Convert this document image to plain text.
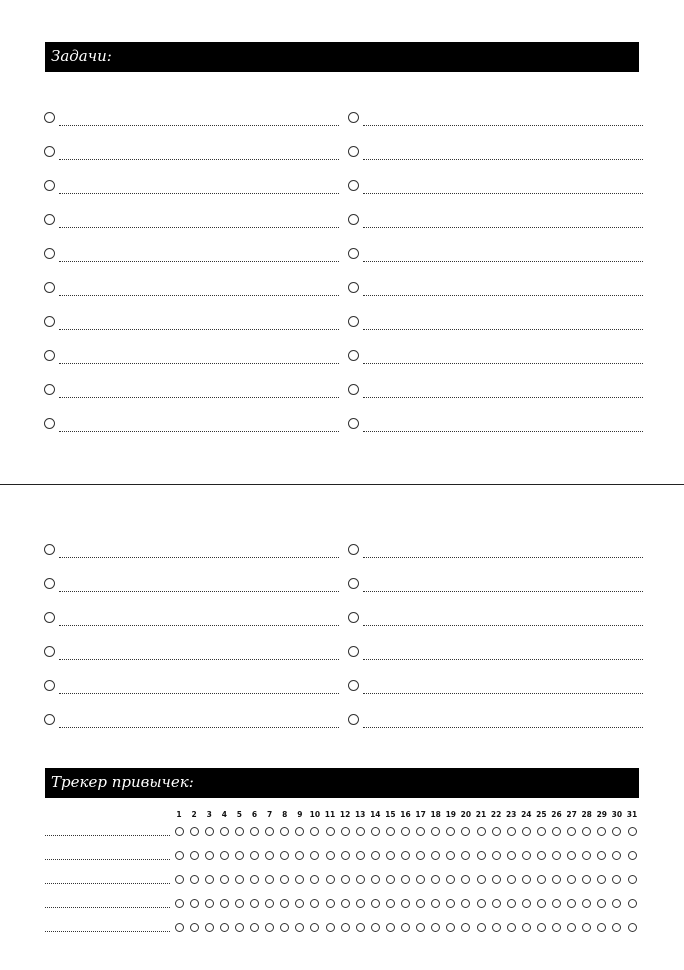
Задачи:
Трекер привычек:
1	2	3	4	5	6	7	8	9 10 11 12 13 14 15 16 17 18 19 20 21 22 23 24 25 26 27 28 29 30 31
